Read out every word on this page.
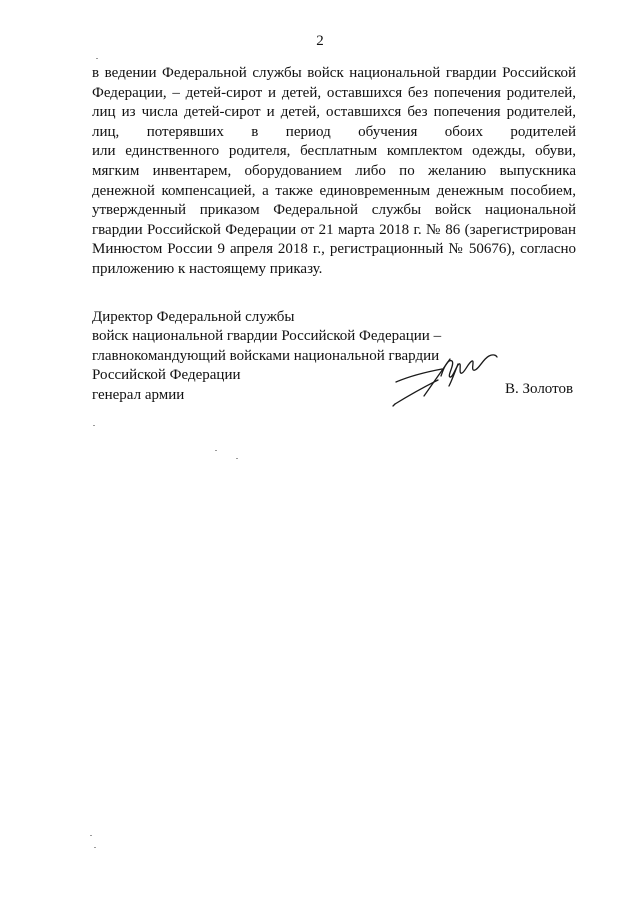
2
в ведении Федеральной службы войск национальной гвардии Российской
Федерации, – детей-сирот и детей, оставшихся без попечения родителей,
лиц из числа детей-сирот и детей, оставшихся без попечения родителей,
лиц, потерявших в период обучения обоих родителей
или единственного родителя, бесплатным комплектом одежды, обуви,
мягким инвентарем, оборудованием либо по желанию выпускника
денежной компенсацией, а также единовременным денежным пособием,
утвержденный приказом Федеральной службы войск национальной
гвардии Российской Федерации от 21 марта 2018 г. № 86 (зарегистрирован
Минюстом России 9 апреля 2018 г., регистрационный № 50676), согласно
приложению к настоящему приказу.
Директор Федеральной службы
войск национальной гвардии Российской Федерации –
главнокомандующий войсками национальной гвардии
Российской Федерации
генерал армии	В. Золотов
